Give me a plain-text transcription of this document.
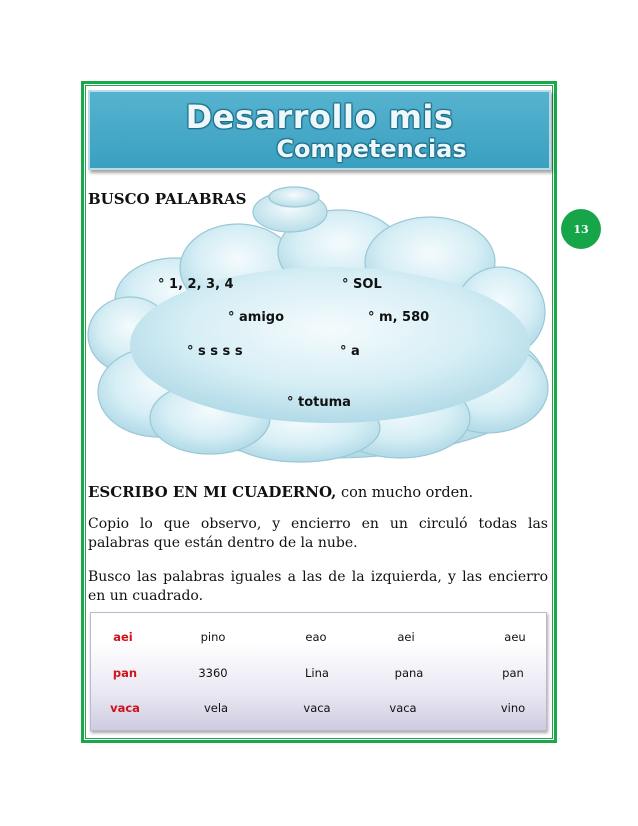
Desarrollo mis
Competencias
BUSCO PALABRAS
13
° 1, 2, 3, 4	° SOL
° amigo	° m, 580
° s s s s	° a
° totuma
ESCRIBO EN MI CUADERNO, con mucho orden.
Copio lo que observo, y encierro en un circuló todas las
palabras que están dentro de la nube.
Busco las palabras iguales a las de la izquierda, y las encierro
en un cuadrado.
aei	pino	eao	aei	aeu
pan	3360	Lina	pana	pan
vaca	vela	vaca	vaca	vino
